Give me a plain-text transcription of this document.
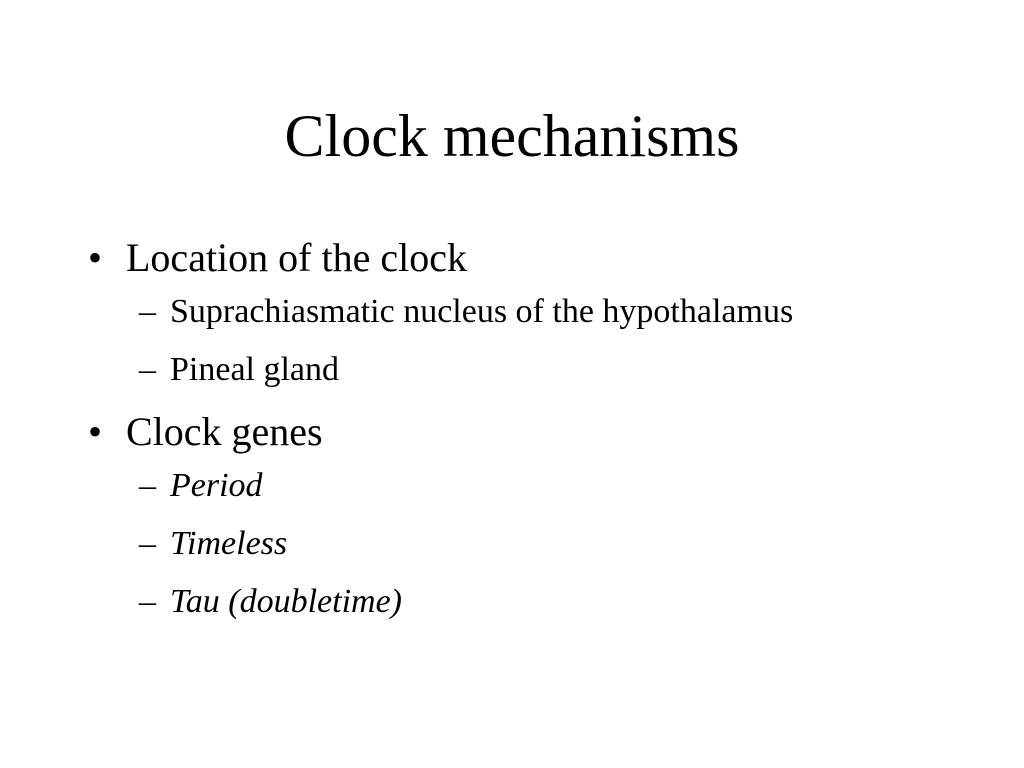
Clock mechanisms
• Location of the clock
– Suprachiasmatic nucleus of the hypothalamus
– Pineal gland
• Clock genes
– Period
– Timeless
– Tau (doubletime)
